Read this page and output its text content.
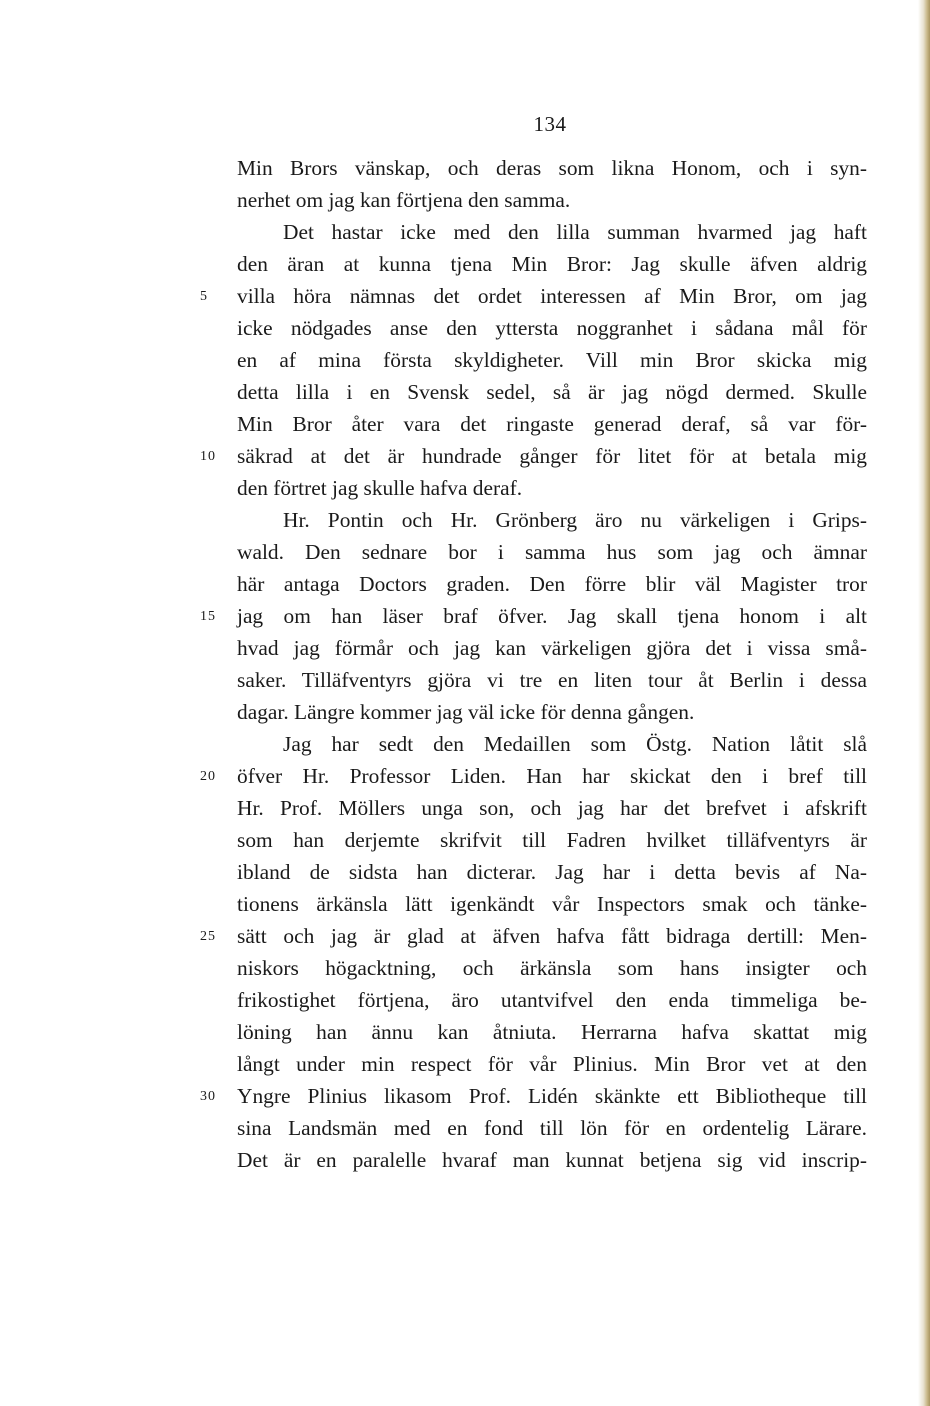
134
Min Brors vänskap, och deras som likna Honom, och i syn-
nerhet om jag kan förtjena den samma.
Det hastar icke med den lilla summan hvarmed jag haft
den äran at kunna tjena Min Bror: Jag skulle äfven aldrig
villa höra nämnas det ordet interessen af Min Bror, om jag
icke nödgades anse den yttersta noggranhet i sådana mål för
en af mina första skyldigheter. Vill min Bror skicka mig
detta lilla i en Svensk sedel, så är jag nögd dermed. Skulle
Min Bror åter vara det ringaste generad deraf, så var för-
säkrad at det är hundrade gånger för litet för at betala mig
den förtret jag skulle hafva deraf.
Hr. Pontin och Hr. Grönberg äro nu värkeligen i Grips-
wald. Den sednare bor i samma hus som jag och ämnar
här antaga Doctors graden. Den förre blir väl Magister tror
jag om han läser braf öfver. Jag skall tjena honom i alt
hvad jag förmår och jag kan värkeligen gjöra det i vissa små-
saker. Tilläfventyrs gjöra vi tre en liten tour åt Berlin i dessa
dagar. Längre kommer jag väl icke för denna gången.
Jag har sedt den Medaillen som Östg. Nation låtit slå
öfver Hr. Professor Liden. Han har skickat den i bref till
Hr. Prof. Möllers unga son, och jag har det brefvet i afskrift
som han derjemte skrifvit till Fadren hvilket tilläfventyrs är
ibland de sidsta han dicterar. Jag har i detta bevis af Na-
tionens ärkänsla lätt igenkändt vår Inspectors smak och tänke-
sätt och jag är glad at äfven hafva fått bidraga dertill: Men-
niskors högacktning, och ärkänsla som hans insigter och
frikostighet förtjena, äro utantvifvel den enda timmeliga be-
löning han ännu kan åtniuta. Herrarna hafva skattat mig
långt under min respect för vår Plinius. Min Bror vet at den
Yngre Plinius likasom Prof. Lidén skänkte ett Bibliotheque till
sina Landsmän med en fond till lön för en ordentelig Lärare.
Det är en paralelle hvaraf man kunnat betjena sig vid inscrip-
5
10
15
20
25
30
